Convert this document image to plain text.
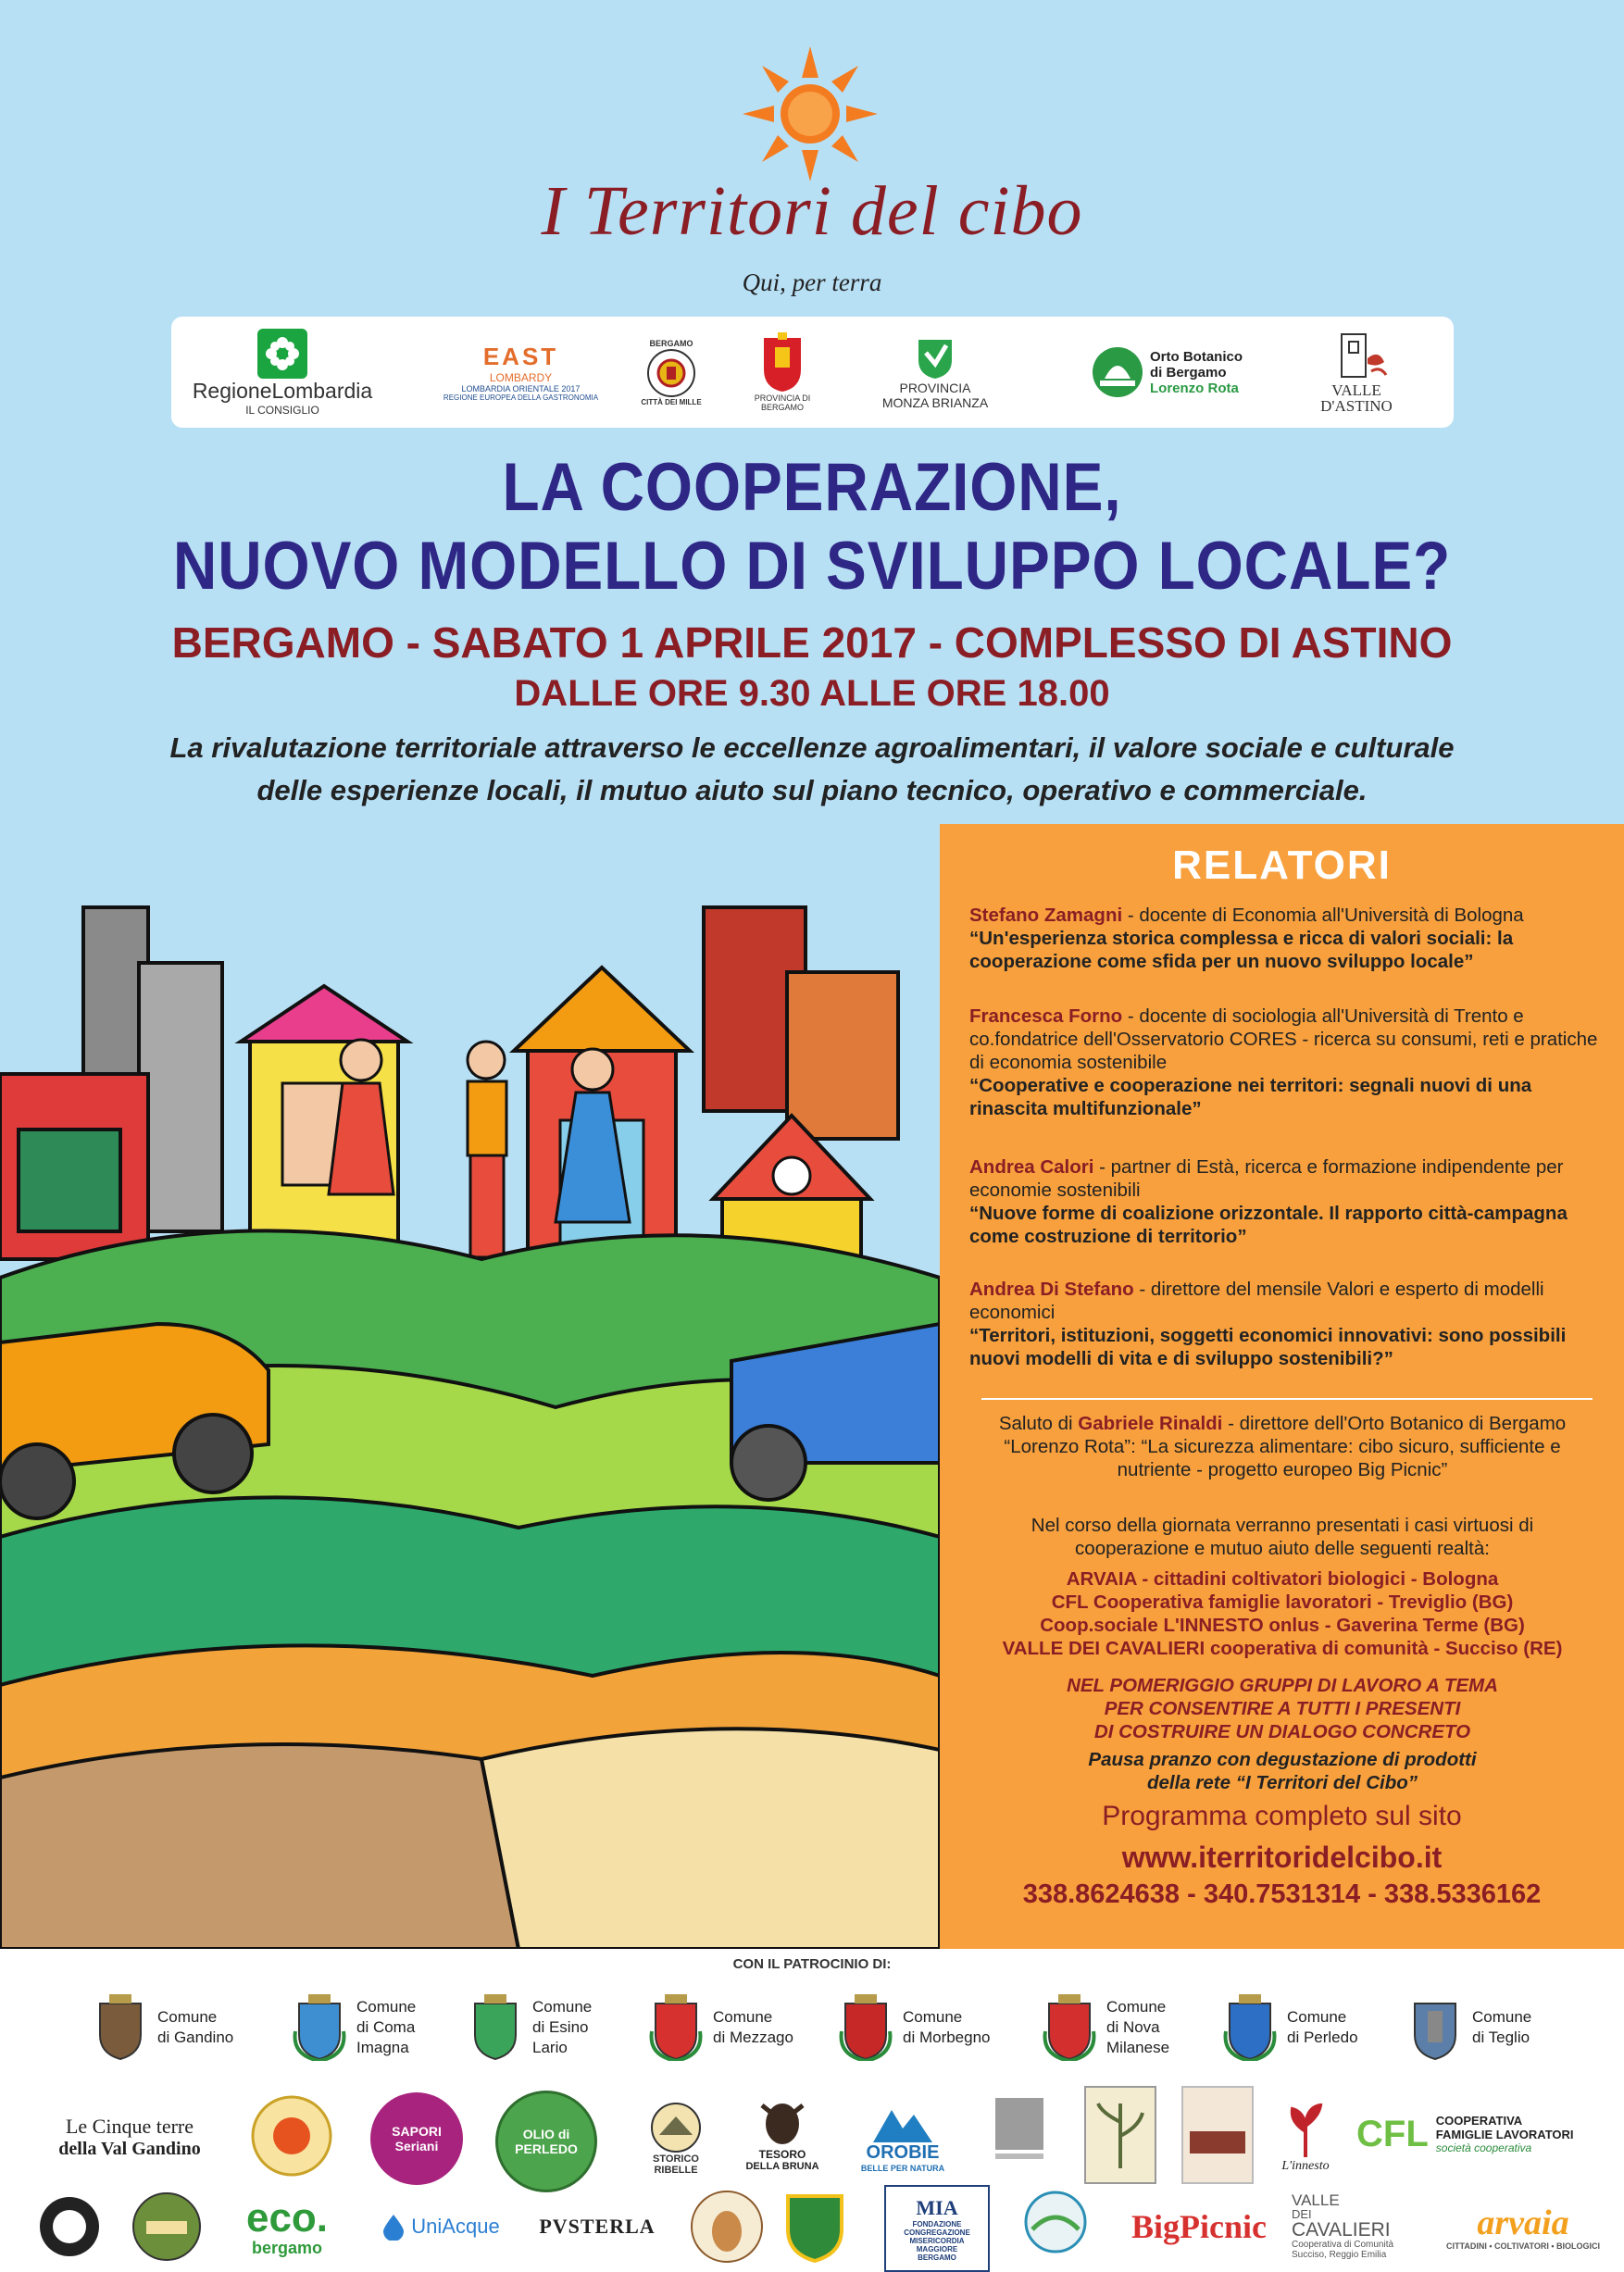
I Territori del cibo
Qui, per terra
RegioneLombardia
IL CONSIGLIO
EAST
LOMBARDY
LOMBARDIA ORIENTALE 2017
REGIONE EUROPEA DELLA GASTRONOMIA
BERGAMO
CITTÀ DEI MILLE	PROVINCIA DI BERGAMO
PROVINCIA
MONZA BRIANZA
Orto Botanico
di Bergamo
Lorenzo Rota	VALLE
D'ASTINO
LA COOPERAZIONE,
NUOVO MODELLO DI SVILUPPO LOCALE?
BERGAMO - SABATO 1 APRILE 2017 - COMPLESSO DI ASTINO
DALLE ORE 9.30 ALLE ORE 18.00
La rivalutazione territoriale attraverso le eccellenze agroalimentari, il valore sociale e culturale
delle esperienze locali, il mutuo aiuto sul piano tecnico, operativo e commerciale.
RELATORI
Stefano Zamagni - docente di Economia all'Università di Bologna
“Un'esperienza storica complessa e ricca di valori sociali: la cooperazione come sfida per un nuovo sviluppo locale”
Francesca Forno - docente di sociologia all'Università di Trento e co.fondatrice dell'Osservatorio CORES - ricerca su consumi, reti e pratiche di economia sostenibile
“Cooperative e cooperazione nei territori: segnali nuovi di una rinascita multifunzionale”
Andrea Calori - partner di Està, ricerca e formazione indipendente per economie sostenibili
“Nuove forme di coalizione orizzontale. Il rapporto città-campagna come costruzione di territorio”
Andrea Di Stefano - direttore del mensile Valori e esperto di modelli economici
“Territori, istituzioni, soggetti economici innovativi: sono possibili nuovi modelli di vita e di sviluppo sostenibili?”
Saluto di Gabriele Rinaldi - direttore dell'Orto Botanico di Bergamo “Lorenzo Rota”: “La sicurezza alimentare: cibo sicuro, sufficiente e nutriente - progetto europeo Big Picnic”
Nel corso della giornata verranno presentati i casi virtuosi di cooperazione e mutuo aiuto delle seguenti realtà:
ARVAIA - cittadini coltivatori biologici - Bologna
CFL Cooperativa famiglie lavoratori - Treviglio (BG)
Coop.sociale L'INNESTO onlus - Gaverina Terme (BG)
VALLE DEI CAVALIERI cooperativa di comunità - Succiso (RE)
NEL POMERIGGIO GRUPPI DI LAVORO A TEMA
PER CONSENTIRE A TUTTI I PRESENTI
DI COSTRUIRE UN DIALOGO CONCRETO
Pausa pranzo con degustazione di prodotti
della rete “I Territori del Cibo”
Programma completo sul sito
www.iterritoridelcibo.it
338.8624638 - 340.7531314 - 338.5336162
CON IL PATROCINIO DI:
Comune
di Gandino
Comune
di Coma
Imagna
Comune
di Esino
Lario
Comune
di Mezzago
Comune
di Morbegno
Comune
di Nova
Milanese
Comune
di Perledo
Comune
di Teglio
Le Cinque terre
della Val Gandino
SAPORI Seriani
OLIO di PERLEDO
STORICO RIBELLE
TESORO
DELLA BRUNA
OROBIE
BELLE PER NATURA	L'innesto
CFL COOPERATIVA
FAMIGLIE LAVORATORI
società cooperativa
eco.
bergamo
UniAcque PVSTERLA
MIA
FONDAZIONE
CONGREGAZIONE
MISERICORDIA
MAGGIORE
BERGAMO
BigPicnic
VALLE
DEI
CAVALIERI
Cooperativa di Comunità
Succiso, Reggio Emilia
arvaia
CITTADINI • COLTIVATORI • BIOLOGICI
